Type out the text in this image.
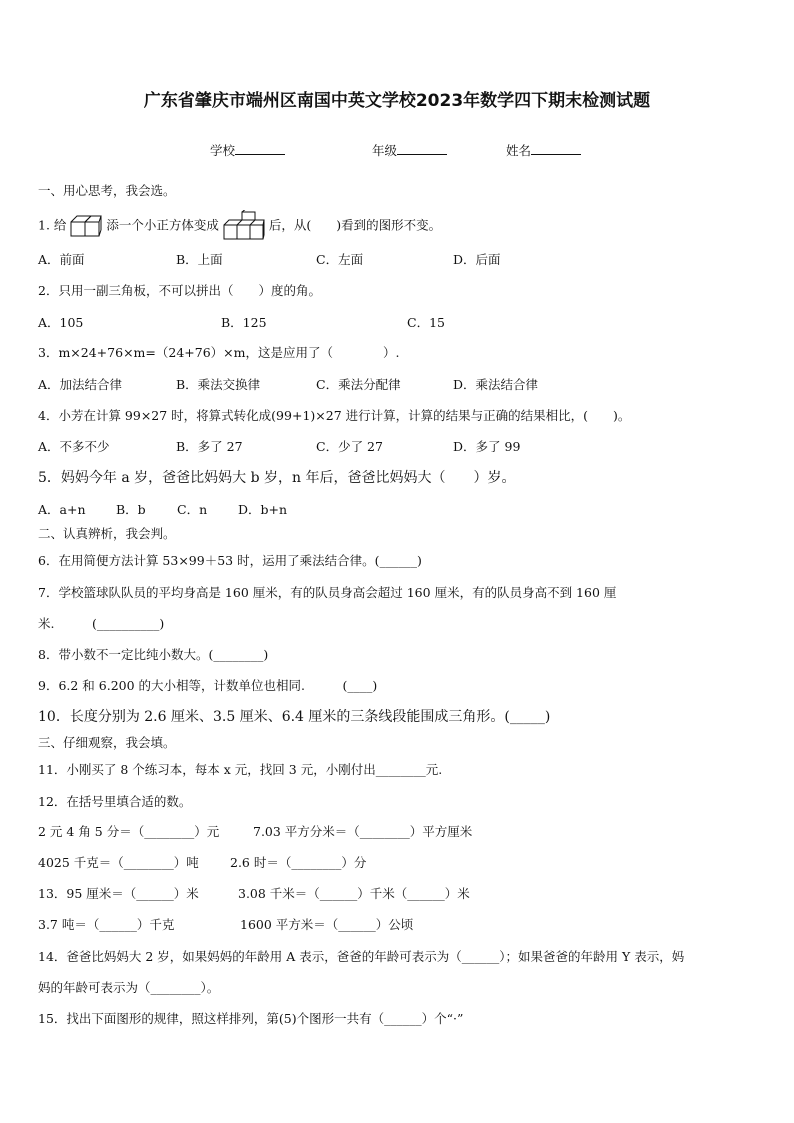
广东省肇庆市端州区南国中英文学校2023年数学四下期末检测试题
学校	年级	姓名
一、用心思考，我会选。
1. 给	添一个小正方体变成	后，从(　　)看到的图形不变。
A．前面	B．上面	C．左面	D．后面
2．只用一副三角板，不可以拼出（　　）度的角。
A．105	B．125	C．15
3．m×24+76×m=（24+76）×m，这是应用了（　　　　）.
A．加法结合律	B．乘法交换律	C．乘法分配律	D．乘法结合律
4．小芳在计算 99×27 时，将算式转化成(99+1)×27 进行计算，计算的结果与正确的结果相比，(　　)。
A．不多不少	B．多了 27	C．少了 27	D．多了 99
5．妈妈今年 a 岁，爸爸比妈妈大 b 岁，n 年后，爸爸比妈妈大（　　）岁。
A．a+n B．b	C．n D．b+n
二、认真辨析，我会判。
6．在用简便方法计算 53×99＋53 时，运用了乘法结合律。(______)
7．学校篮球队队员的平均身高是 160 厘米，有的队员身高会超过 160 厘米，有的队员身高不到 160 厘
米.　　　(__________)
8．带小数不一定比纯小数大。(________)
9．6.2 和 6.200 的大小相等，计数单位也相同.　　　(____)
10．长度分别为 2.6 厘米、3.5 厘米、6.4 厘米的三条线段能围成三角形。(_____)
三、仔细观察，我会填。
11．小刚买了 8 个练习本，每本 x 元，找回 3 元，小刚付出________元.
12．在括号里填合适的数。
2 元 4 角 5 分＝（________）元	7.03 平方分米＝（________）平方厘米
4025 千克＝（________）吨 2.6 时＝（________）分
13．95 厘米＝（______）米	3.08 千米＝（______）千米（______）米
3.7 吨＝（______）千克	1600 平方米＝（______）公顷
14．爸爸比妈妈大 2 岁，如果妈妈的年龄用 A 表示，爸爸的年龄可表示为（______）；如果爸爸的年龄用 Y 表示，妈
妈的年龄可表示为（________）。
15．找出下面图形的规律，照这样排列，第(5)个图形一共有（______）个“·”
